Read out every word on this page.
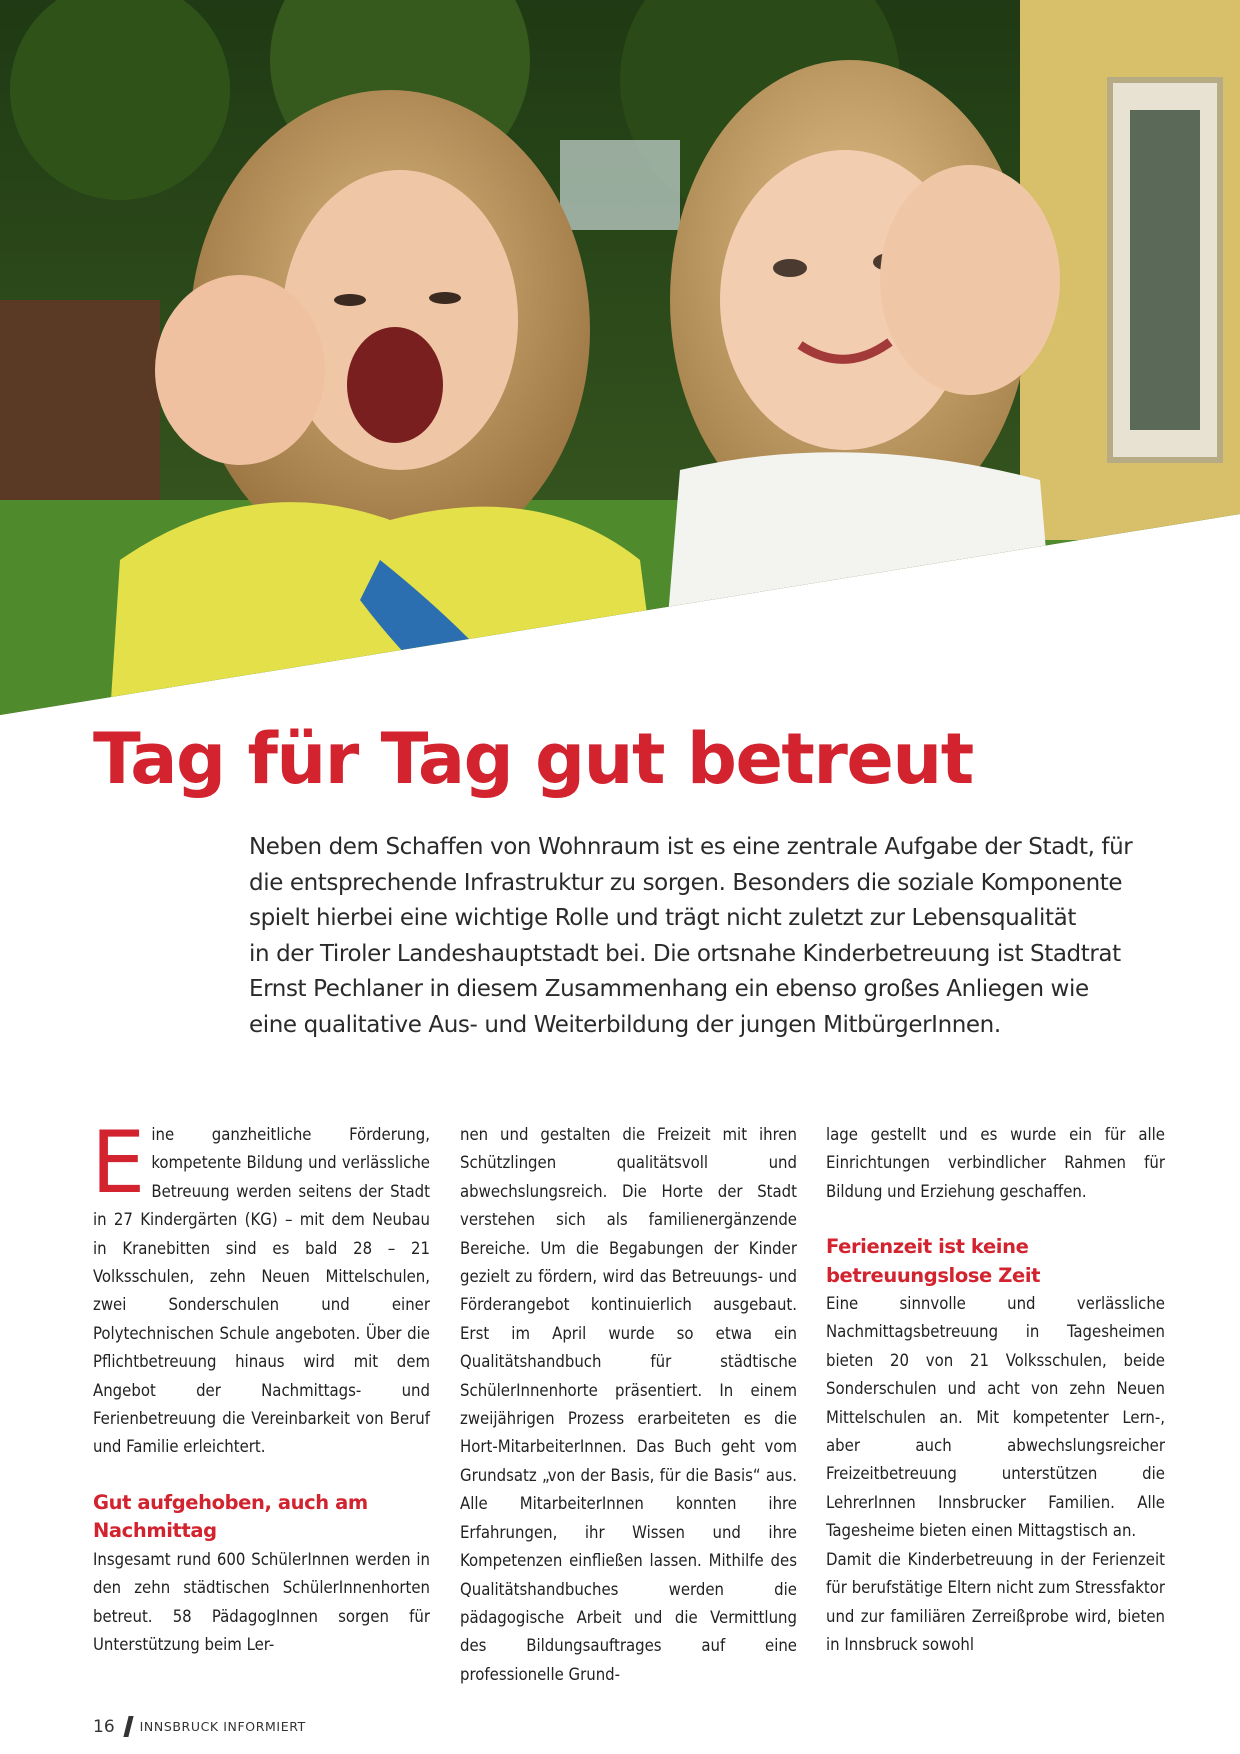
Tag für Tag gut betreut

Neben dem Schaffen von Wohnraum ist es eine zentrale Aufgabe der Stadt, für
die entsprechende Infrastruktur zu sorgen. Besonders die soziale Komponente
spielt hierbei eine wichtige Rolle und trägt nicht zuletzt zur Lebensqualität
in der Tiroler Landeshauptstadt bei. Die ortsnahe Kinderbetreuung ist Stadtrat
Ernst Pechlaner in diesem Zusammenhang ein ebenso großes Anliegen wie
eine qualitative Aus- und Weiterbildung der jungen MitbürgerInnen.

Eine ganzheitliche Förderung, kompetente Bildung und verlässliche Betreuung werden seitens der Stadt in 27 Kindergärten (KG) – mit dem Neubau in Kranebitten sind es bald 28 – 21 Volksschulen, zehn Neuen Mittelschulen, zwei Sonderschulen und einer Polytechnischen Schule angeboten. Über die Pflichtbetreuung hinaus wird mit dem Angebot der Nachmittags- und Ferienbetreuung die Vereinbarkeit von Beruf und Familie erleichtert.

Gut aufgehoben, auch am Nachmittag

Insgesamt rund 600 SchülerInnen werden in den zehn städtischen SchülerInnenhorten betreut. 58 PädagogInnen sorgen für Unterstützung beim Ler-

nen und gestalten die Freizeit mit ihren Schützlingen qualitätsvoll und abwechslungsreich. Die Horte der Stadt verstehen sich als familienergänzende Bereiche. Um die Begabungen der Kinder gezielt zu fördern, wird das Betreuungs- und Förderangebot kontinuierlich ausgebaut. Erst im April wurde so etwa ein Qualitätshandbuch für städtische SchülerInnenhorte präsentiert. In einem zweijährigen Prozess erarbeiteten es die Hort-MitarbeiterInnen. Das Buch geht vom Grundsatz „von der Basis, für die Basis“ aus. Alle MitarbeiterInnen konnten ihre Erfahrungen, ihr Wissen und ihre Kompetenzen einfließen lassen. Mithilfe des Qualitätshandbuches werden die pädagogische Arbeit und die Vermittlung des Bildungsauftrages auf eine professionelle Grund-

lage gestellt und es wurde ein für alle Einrichtungen verbindlicher Rahmen für Bildung und Erziehung geschaffen.

Ferienzeit ist keine betreuungslose Zeit

Eine sinnvolle und verlässliche Nachmittagsbetreuung in Tagesheimen bieten 20 von 21 Volksschulen, beide Sonderschulen und acht von zehn Neuen Mittelschulen an. Mit kompetenter Lern-, aber auch abwechslungsreicher Freizeitbetreuung unterstützen die LehrerInnen Innsbrucker Familien. Alle Tagesheime bieten einen Mittagstisch an.

Damit die Kinderbetreuung in der Ferienzeit für berufstätige Eltern nicht zum Stressfaktor und zur familiären Zerreißprobe wird, bieten in Innsbruck sowohl

16 INNSBRUCK INFORMIERT
